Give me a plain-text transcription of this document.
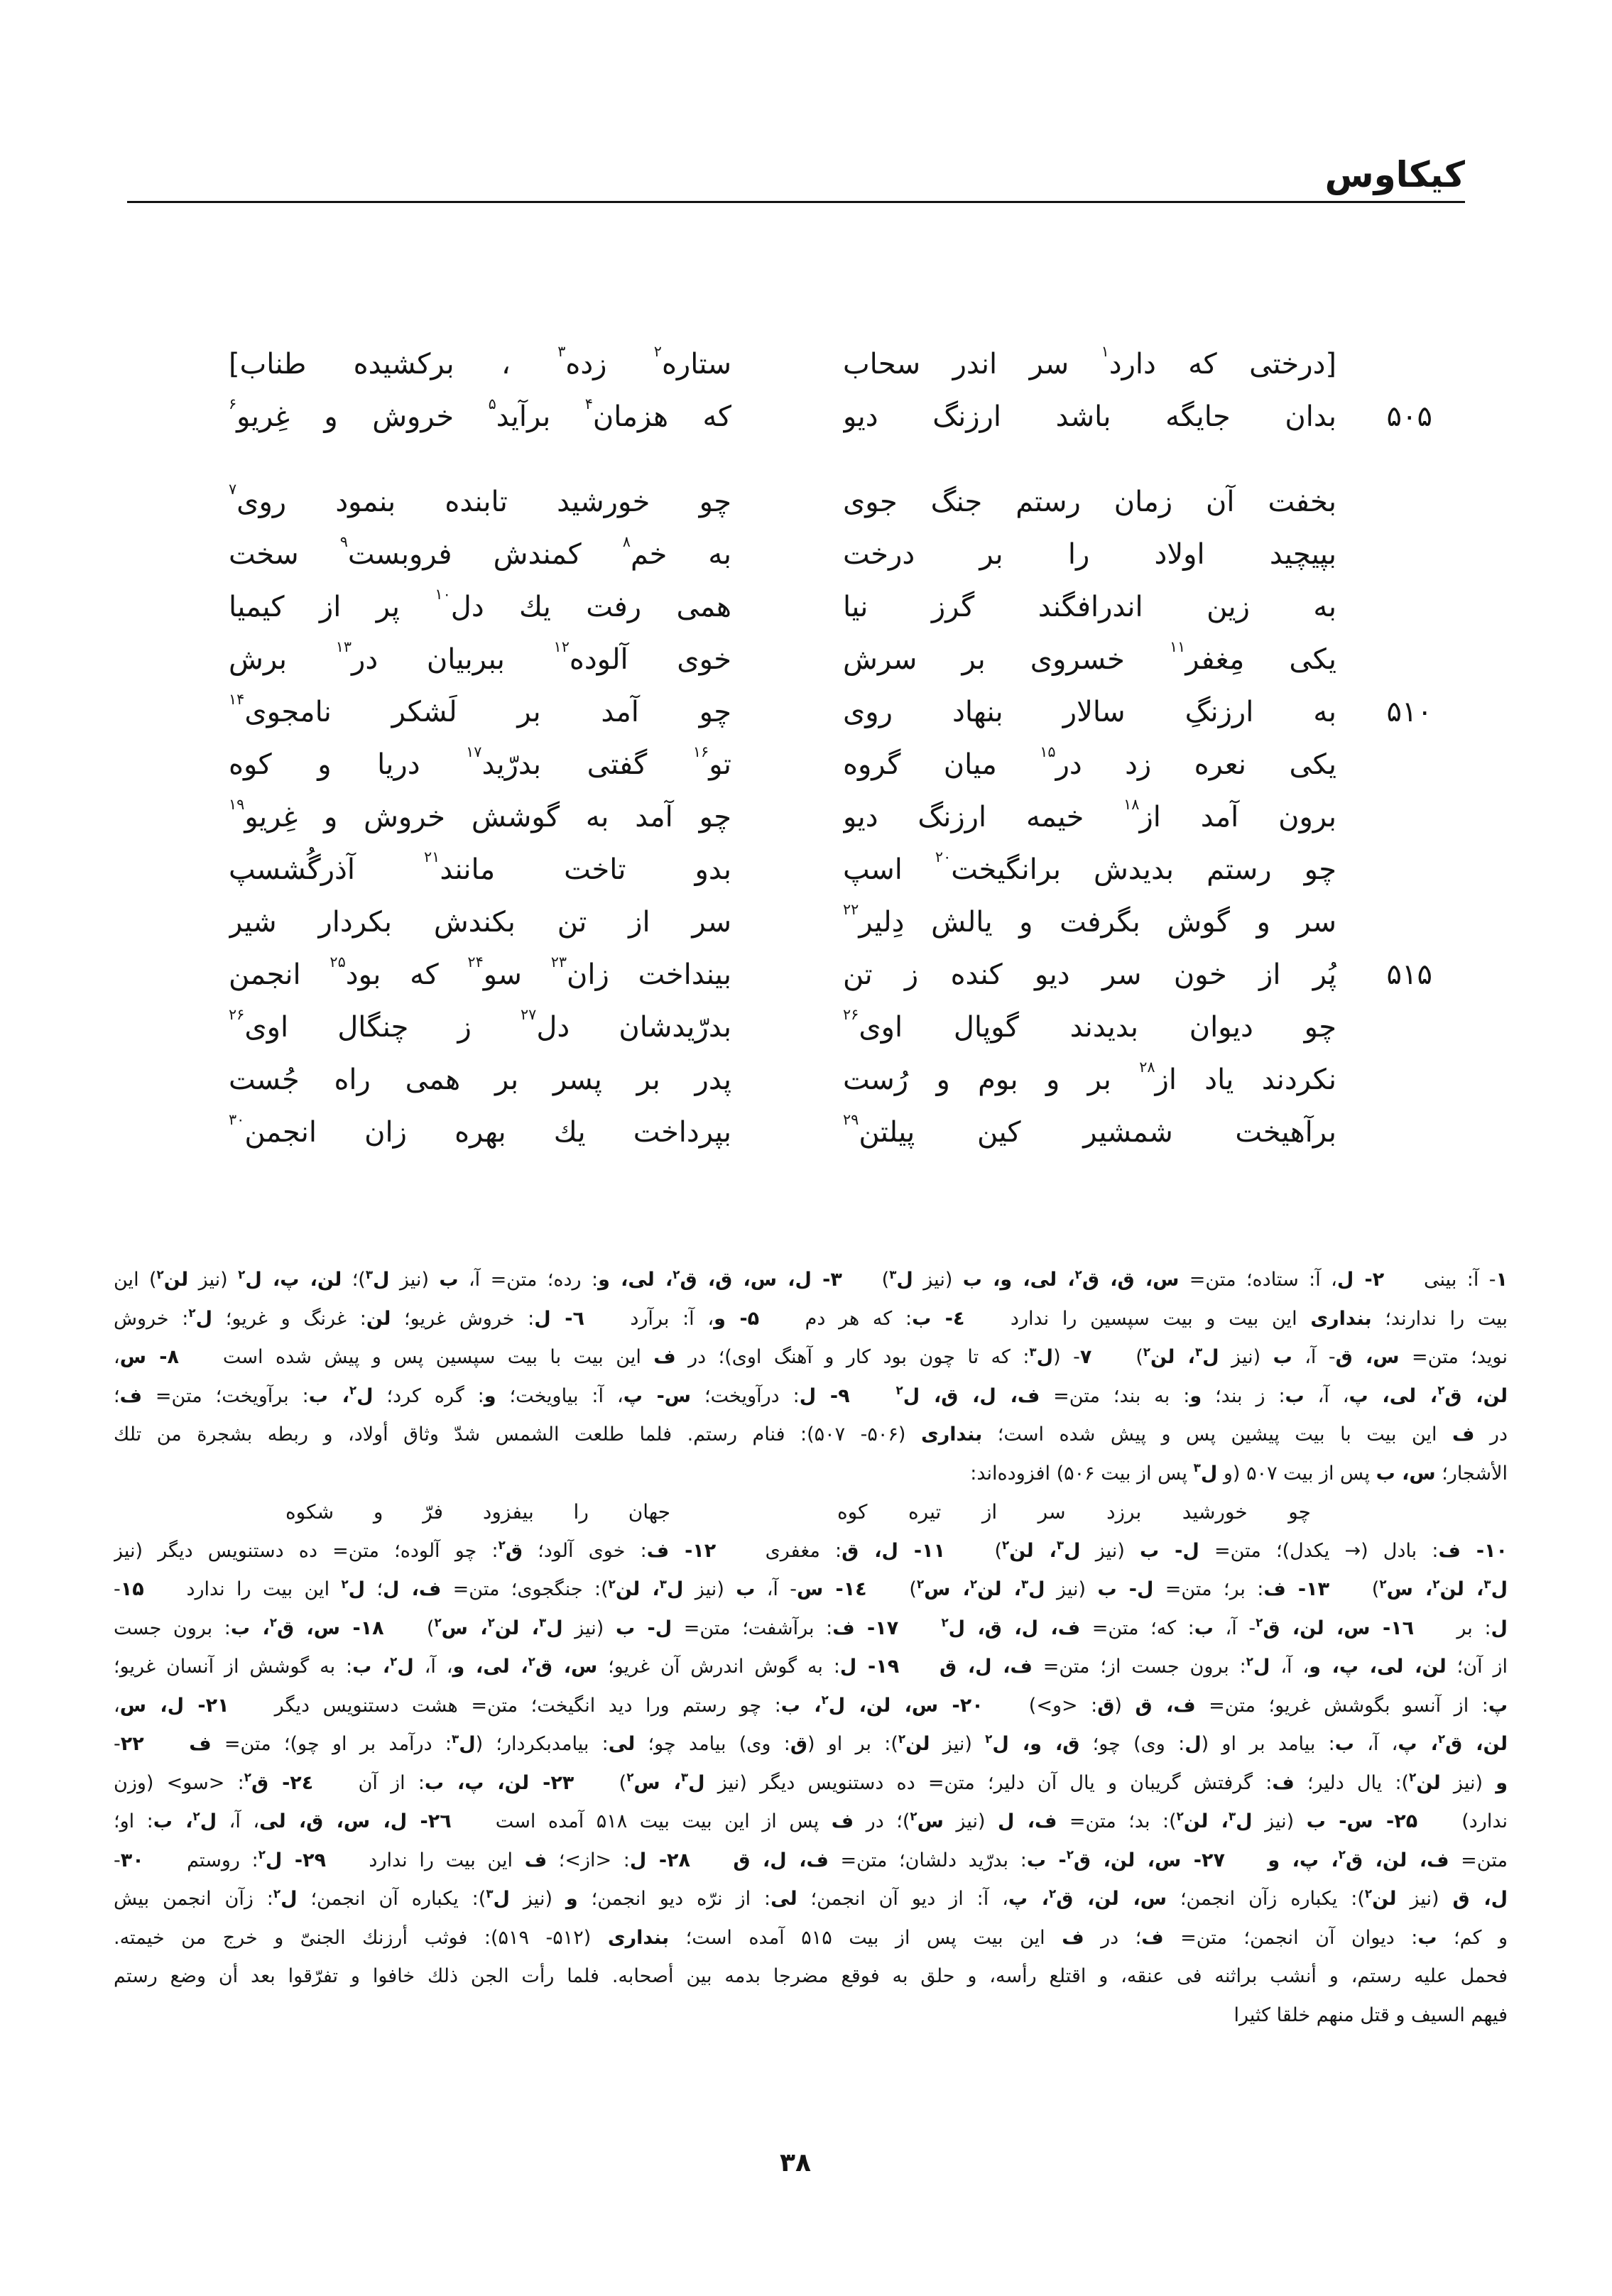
کیکاوس
[درختی که دارد$^۱$ سر اندر سحاب
ستاره$^۲$ زده$^۳$ ، برکشیده طناب]
۵۰۵
بدان جایگه باشد ارزنگ دیو
که هزمان$^۴$ برآید$^۵$ خروش و غِریو$^۶$
بخفت آن زمان رستم جنگ جوی
چو خورشید تابنده بنمود روی$^۷$
بپیچید اولاد را بر درخت
به خم$^۸$ کمندش فروبست$^۹$ سخت
به زین اندرافگند گرز نیا
همی رفت یك دل$^{۱۰}$ پر از کیمیا
یکی مِغفر$^{۱۱}$ خسروی بر سرش
خوی آلوده$^{۱۲}$ ببربیان در$^{۱۳}$ برش
۵۱۰
به ارزنگِ سالار بنهاد روی
چو آمد بر لَشکر نامجوی$^{۱۴}$
یکی نعره زد در$^{۱۵}$ میان گروه
تو$^{۱۶}$ گفتی بدرّید$^{۱۷}$ دریا و کوه
برون آمد از$^{۱۸}$ خیمه ارزنگ دیو
چو آمد به گوشش خروش و غِریو$^{۱۹}$
چو رستم بدیدش برانگیخت$^{۲۰}$ اسپ
بدو تاخت مانند$^{۲۱}$ آذرگُشسپ
سر و گوش بگرفت و یالش دِلیر$^{۲۲}$
سر از تن بکندش بکردار شیر
۵۱۵
پُر از خون سر دیو کنده ز تن
بینداخت زان$^{۲۳}$ سو$^{۲۴}$ که بود$^{۲۵}$ انجمن
چو دیوان بدیدند گوپال اوی$^{۲۶}$
بدرّیدشان دل$^{۲۷}$ ز چنگال اوی$^{۲۶}$
نکردند یاد از$^{۲۸}$ بر و بوم و رُست
پدر بر پسر بر همی راه جُست
برآهیخت شمشیر کین پیلتن$^{۲۹}$
بپرداخت یك بهره زان انجمن$^{۳۰}$
۱- آ: بینی   ۲- ل، آ: ستاده؛ متن= س، ق، ق$^۲$، لی، و، ب (نیز ل$^۳$)   ۳- ل، س، ق، ق$^۲$، لی، و: رده؛ متن= آ، ب (نیز ل$^۳$)؛ لن، پ، ل$^۲$ (نیز لن$^۲$) این
بیت را ندارند؛ بنداری این بیت و بیت سپسین را ندارد   ٤- ب: که هر دم   ۵- و، آ: برآرد   ٦- ل: خروش غریو؛ لن: غرنگ و غریو؛ ل$^۲$: خروش
نوید؛ متن= س، ق- آ، ب (نیز ل$^۳$، لن$^۲$)   ۷- (ل$^۳$: که تا چون بود کار و آهنگ اوی)؛ در ف این بیت با بیت سپسین پس و پیش شده است   ۸- س،
لن، ق$^۲$، لی، پ، آ، ب: ز بند؛ و: به بند؛ متن= ف، ل، ق، ل$^۲$   ۹- ل: درآویخت؛ س- پ، آ: بیاویخت؛ و: گره کرد؛ ل$^۲$، ب: برآویخت؛ متن= ف؛
در ف این بیت با بیت پیشین پس و پیش شده است؛ بنداری (۵۰۶- ۵۰۷): فنام رستم. فلما طلعت الشمس شدّ وثاق أولاد، و ربطه بشجرة من تلك
الأشجار؛ س، ب پس از بیت ۵۰۷ (و ل$^۳$ پس از بیت ۵۰۶) افزوده‌اند:
چو خورشید برزد سر از تیره کوه
جهان را بیفزود فرّ و شکوه
۱۰- ف: بادل (→ یکدل)؛ متن= ل- ب (نیز ل$^۳$، لن$^۲$)   ۱۱- ل، ق: مغفری   ۱۲- ف: خوی آلود؛ ق$^۲$: چو آلوده؛ متن= ده دستنویس دیگر (نیز
ل$^۳$، لن$^۲$، س$^۲$)   ۱۳- ف: بر؛ متن= ل- ب (نیز ل$^۳$، لن$^۲$، س$^۲$)   ۱٤- س- آ، ب (نیز ل$^۳$، لن$^۲$): جنگجوی؛ متن= ف، ل؛ ل$^۲$ این بیت را ندارد   ۱۵-
ل: بر   ۱٦- س، لن، ق$^۲$- آ، ب: که؛ متن= ف، ل، ق، ل$^۲$   ۱۷- ف: برآشفت؛ متن= ل- ب (نیز ل$^۳$، لن$^۲$، س$^۲$)   ۱۸- س، ق$^۲$، ب: برون جست
از آن؛ لن، لی، پ، و، آ، ل$^۲$: برون جست از؛ متن= ف، ل، ق   ۱۹- ل: به گوش اندرش آن غریو؛ س، ق$^۲$، لی، و، آ، ل$^۲$، ب: به گوشش از آنسان غریو؛
پ: از آنسو بگوشش غریو؛ متن= ف، ق (ق: <و>)   ۲۰- س، لن، ل$^۲$، ب: چو رستم ورا دید انگیخت؛ متن= هشت دستنویس دیگر   ۲۱- ل، س،
لن، ق$^۲$، پ، آ، ب: بیامد بر او (ل: وی) چو؛ ق، و، ل$^۲$ (نیز لن$^۲$): بر او (ق: وی) بیامد چو؛ لی: بیامدبکردار؛ (ل$^۳$: درآمد بر او چو)؛ متن= ف   ۲۲-
و (نیز لن$^۲$): یال دلیر؛ ف: گرفتش گریبان و یال آن دلیر؛ متن= ده دستنویس دیگر (نیز ل$^۳$، س$^۲$)   ۲۳- لن، پ، ب: از آن   ۲٤- ق$^۲$: <سو> (وزن
ندارد)   ۲۵- س- ب (نیز ل$^۳$، لن$^۲$): بد؛ متن= ف، ل (نیز س$^۲$)؛ در ف پس از این بیت بیت ۵۱۸ آمده است   ۲٦- ل، س، ق، لی، آ، ل$^۲$، ب: او؛
متن= ف، لن، ق$^۲$، پ، و   ۲۷- س، لن، ق$^۲$- ب: بدرّید دلشان؛ متن= ف، ل، ق   ۲۸- ل: <از>؛ ف این بیت را ندارد   ۲۹- ل$^۲$: روستم   ۳۰-
ل، ق (نیز لن$^۲$): یکباره زآن انجمن؛ س، لن، ق$^۲$، پ، آ: از دیو آن انجمن؛ لی: از نرّه دیو انجمن؛ و (نیز ل$^۳$): یکباره آن انجمن؛ ل$^۲$: زآن انجمن بیش
و کم؛ ب: دیوان آن انجمن؛ متن= ف؛ در ف این بیت پس از بیت ۵۱۵ آمده است؛ بنداری (۵۱۲- ۵۱۹): فوثب أرزنك الجنیّ و خرج من خیمته.
فحمل علیه رستم، و أنشب براثنه فی عنقه، و اقتلع رأسه، و حلق به فوقع مضرجا بدمه بین أصحابه. فلما رأت الجن ذلك خافوا و تفرّقوا بعد أن وضع رستم
فیهم السیف و قتل منهم خلقا کثیرا
۳۸
